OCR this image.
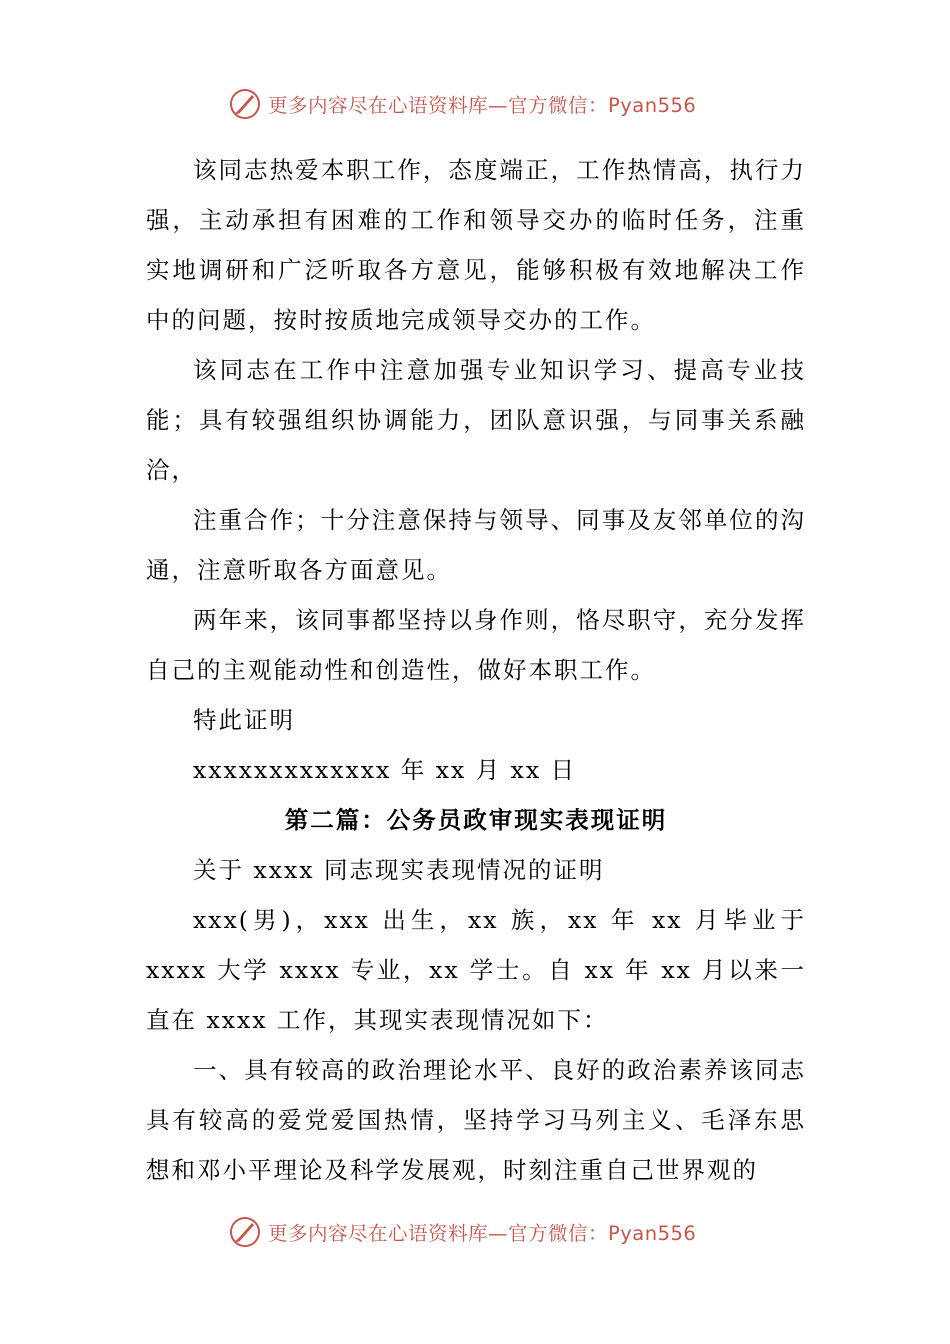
更多内容尽在心语资料库—官方微信：Pyan556

该同志热爱本职工作，态度端正，工作热情高，执行力强，主动承担有困难的工作和领导交办的临时任务，注重实地调研和广泛听取各方意见，能够积极有效地解决工作中的问题，按时按质地完成领导交办的工作。

该同志在工作中注意加强专业知识学习、提高专业技能；具有较强组织协调能力，团队意识强，与同事关系融洽，

注重合作；十分注意保持与领导、同事及友邻单位的沟通，注意听取各方面意见。

两年来，该同事都坚持以身作则，恪尽职守，充分发挥自己的主观能动性和创造性，做好本职工作。

特此证明

xxxxxxxxxxxxx 年 xx 月 xx 日

第二篇：公务员政审现实表现证明

关于 xxxx 同志现实表现情况的证明

xxx(男)，xxx 出生，xx 族，xx 年 xx 月毕业于 xxxx 大学 xxxx 专业，xx 学士。自 xx 年 xx 月以来一直在 xxxx 工作，其现实表现情况如下：

一、具有较高的政治理论水平、良好的政治素养该同志具有较高的爱党爱国热情，坚持学习马列主义、毛泽东思想和邓小平理论及科学发展观，时刻注重自己世界观的

更多内容尽在心语资料库—官方微信：Pyan556
